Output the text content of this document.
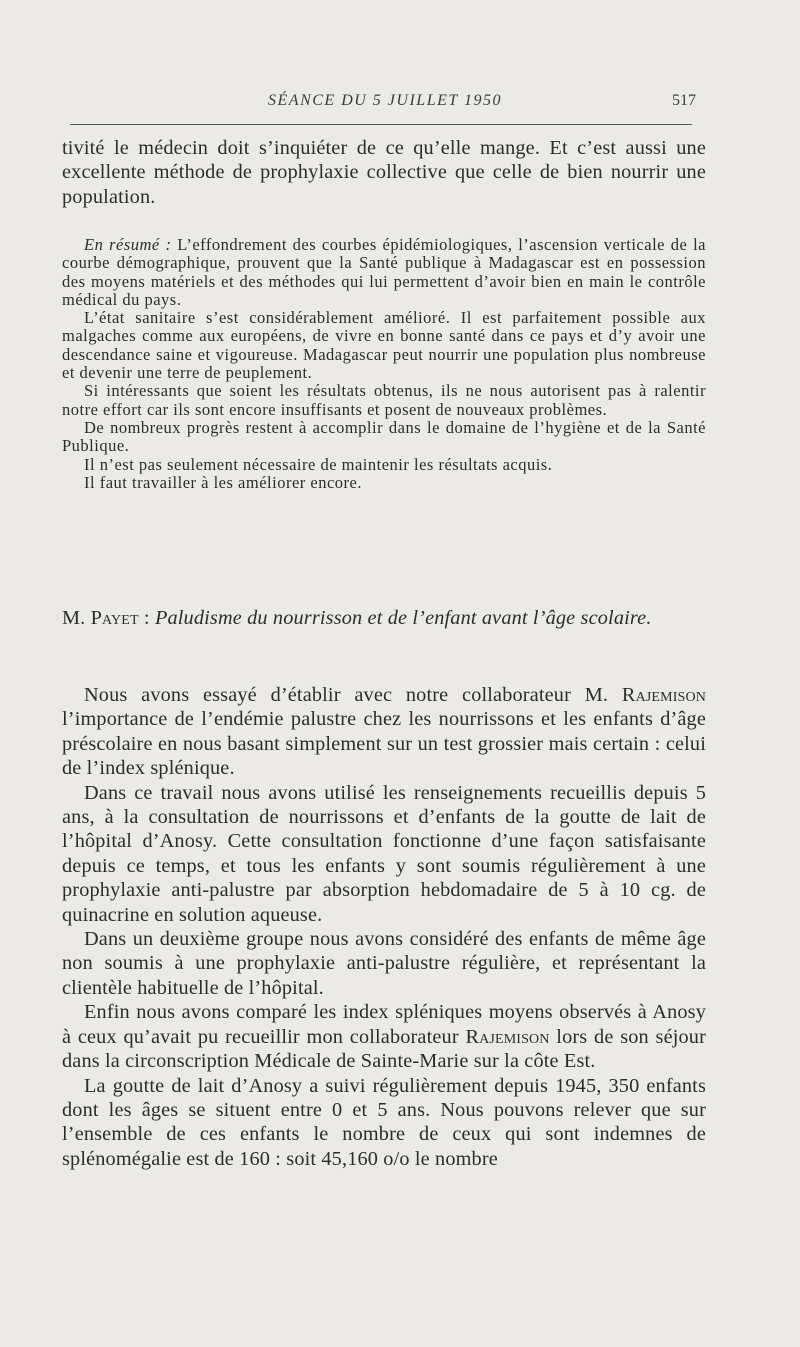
SÉANCE DU 5 JUILLET 1950	517

tivité le médecin doit s’inquiéter de ce qu’elle mange. Et c’est aussi une excellente méthode de prophylaxie collective que celle de bien nourrir une population.

En résumé : L’effondrement des courbes épidémiologiques, l’ascension verticale de la courbe démographique, prouvent que la Santé publique à Madagascar est en possession des moyens matériels et des méthodes qui lui permettent d’avoir bien en main le contrôle médical du pays.

L’état sanitaire s’est considérablement amélioré. Il est parfaitement possible aux malgaches comme aux européens, de vivre en bonne santé dans ce pays et d’y avoir une descendance saine et vigoureuse. Madagascar peut nourrir une population plus nombreuse et devenir une terre de peuplement.

Si intéressants que soient les résultats obtenus, ils ne nous autorisent pas à ralentir notre effort car ils sont encore insuffisants et posent de nouveaux problèmes.

De nombreux progrès restent à accomplir dans le domaine de l’hygiène et de la Santé Publique.

Il n’est pas seulement nécessaire de maintenir les résultats acquis.

Il faut travailler à les améliorer encore.

M. Payet : Paludisme du nourrisson et de l’enfant avant l’âge scolaire.

Nous avons essayé d’établir avec notre collaborateur M. Rajemison l’importance de l’endémie palustre chez les nourrissons et les enfants d’âge préscolaire en nous basant simplement sur un test grossier mais certain : celui de l’index splénique.

Dans ce travail nous avons utilisé les renseignements recueillis depuis 5 ans, à la consultation de nourrissons et d’enfants de la goutte de lait de l’hôpital d’Anosy. Cette consultation fonctionne d’une façon satisfaisante depuis ce temps, et tous les enfants y sont soumis régulièrement à une prophylaxie anti-palustre par absorption hebdomadaire de 5 à 10 cg. de quinacrine en solution aqueuse.

Dans un deuxième groupe nous avons considéré des enfants de même âge non soumis à une prophylaxie anti-palustre régulière, et représentant la clientèle habituelle de l’hôpital.

Enfin nous avons comparé les index spléniques moyens observés à Anosy à ceux qu’avait pu recueillir mon collaborateur Rajemison lors de son séjour dans la circonscription Médicale de Sainte-Marie sur la côte Est.

La goutte de lait d’Anosy a suivi régulièrement depuis 1945, 350 enfants dont les âges se situent entre 0 et 5 ans. Nous pouvons relever que sur l’ensemble de ces enfants le nombre de ceux qui sont indemnes de splénomégalie est de 160 : soit 45,160 o/o le nombre
